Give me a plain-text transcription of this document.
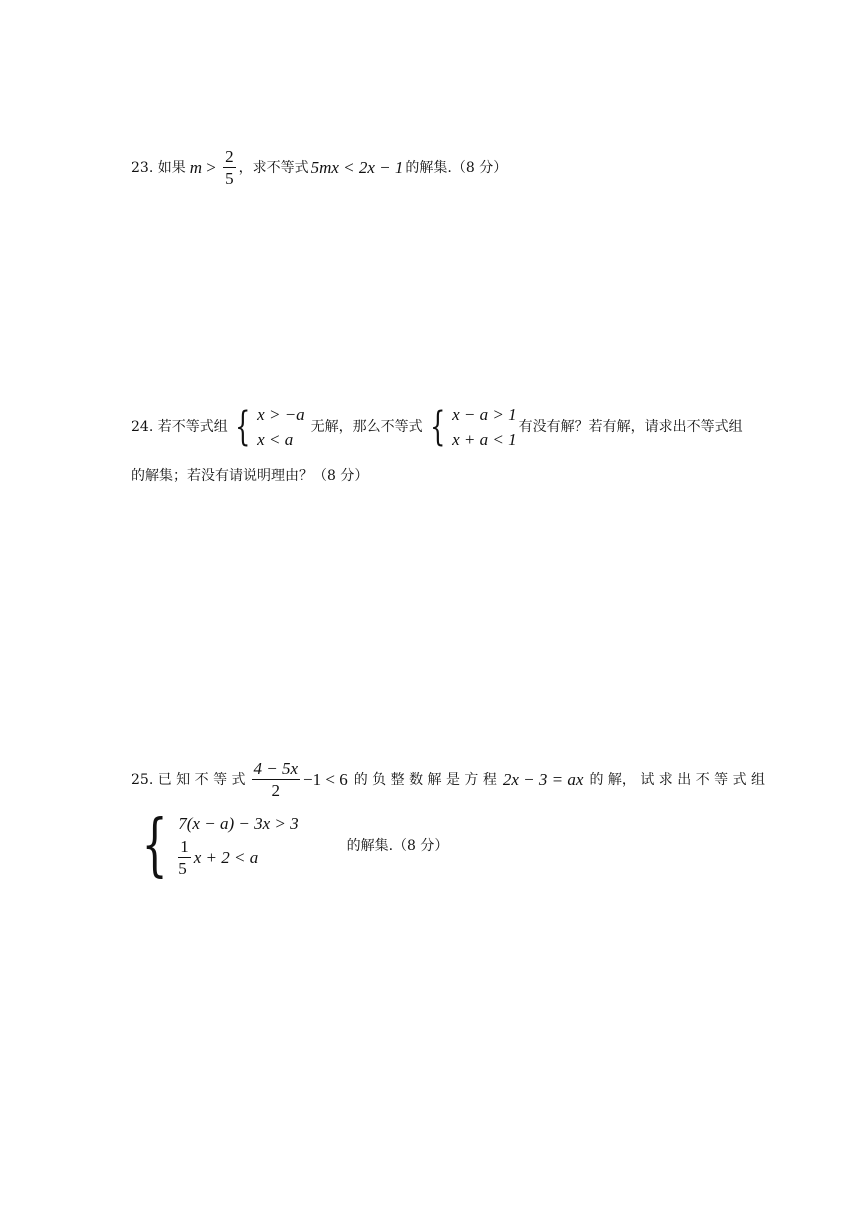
23. 如果 $m > \frac{2}{5}$ ，求不等式 5mx < 2x − 1 的解集.（8 分）
24. 若不等式组 { x > −a
x < a
无解，那么不等式 { x − a > 1
x + a < 1
有没有解？若有解，请求出不等式组
的解集；若没有请说明理由？（8 分）
25. 已 知 不 等 式 $\frac{4 - 5x}{2} -1 < 6$ 的 负 整 数 解 是 方 程 2x − 3 = ax 的 解， 试 求 出 不 等 式 组
{ 7(x − a) − 3x > 3
$\frac{1}{5}$ x + 2 < a
的解集.（8 分）
